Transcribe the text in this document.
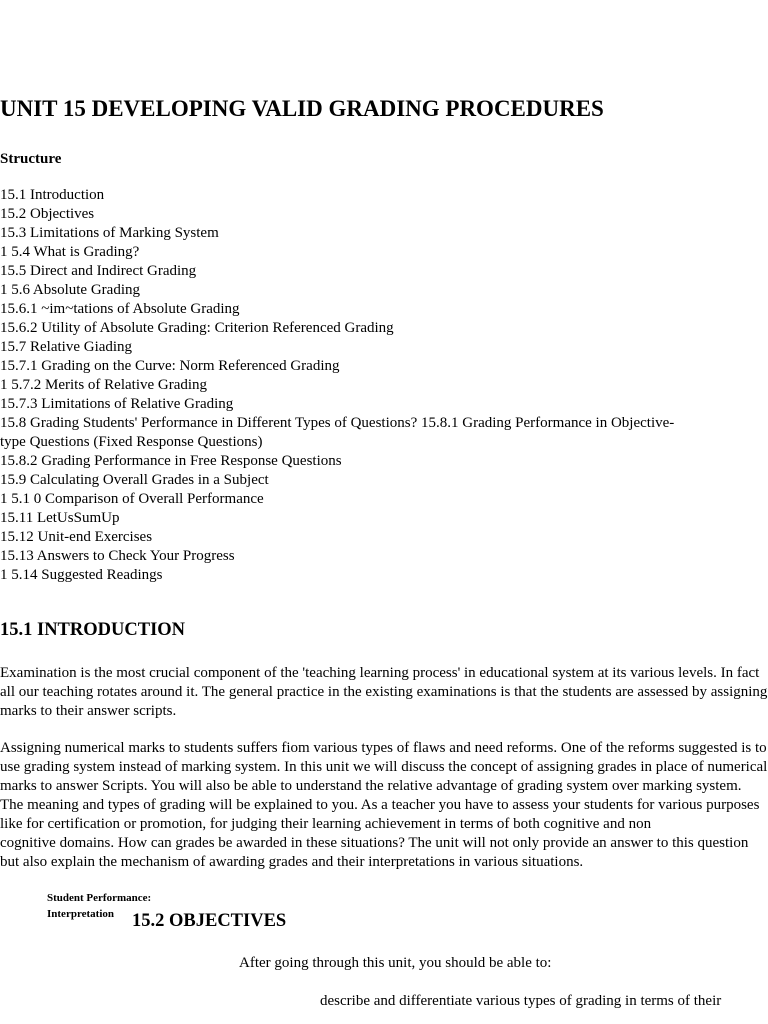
UNIT 15 DEVELOPING VALID GRADING PROCEDURES

Structure

15.1 Introduction
15.2 Objectives
15.3 Limitations of Marking System
1 5.4 What is Grading?
15.5 Direct and Indirect Grading
1 5.6 Absolute Grading
15.6.1 ~im~tations of Absolute Grading
15.6.2 Utility of Absolute Grading: Criterion Referenced Grading
15.7 Relative Giading
15.7.1 Grading on the Curve: Norm Referenced Grading
1 5.7.2 Merits of Relative Grading
15.7.3 Limitations of Relative Grading
15.8 Grading Students' Performance in Different Types of Questions? 15.8.1 Grading Performance in Objective-type Questions (Fixed Response Questions)
15.8.2 Grading Performance in Free Response Questions
15.9 Calculating Overall Grades in a Subject
1 5.1 0 Comparison of Overall Performance
15.11 LetUsSumUp
15.12 Unit-end Exercises
15.13 Answers to Check Your Progress
1 5.14 Suggested Readings
15.1 INTRODUCTION

Examination is the most crucial component of the 'teaching learning process' in educational system at its various levels. In fact all our teaching rotates around it. The general practice in the existing examinations is that the students are assessed by assigning marks to their answer scripts.

Assigning numerical marks to students suffers fiom various types of flaws and need reforms. One of the reforms suggested is to use grading system instead of marking system. In this unit we will discuss the concept of assigning grades in place of numerical marks to answer Scripts. You will also be able to understand the relative advantage of grading system over marking system. The meaning and types of grading will be explained to you. As a teacher you have to assess your students for various purposes like for certification or promotion, for judging their learning achievement in terms of both cognitive and non
cognitive domains. How can grades be awarded in these situations? The unit will not only provide an answer to this question but also explain the mechanism of awarding grades and their interpretations in various situations.

Student Performance:

Interpretation 15.2 OBJECTIVES

After going through this unit, you should be able to:

describe and differentiate various types of grading in terms of their
